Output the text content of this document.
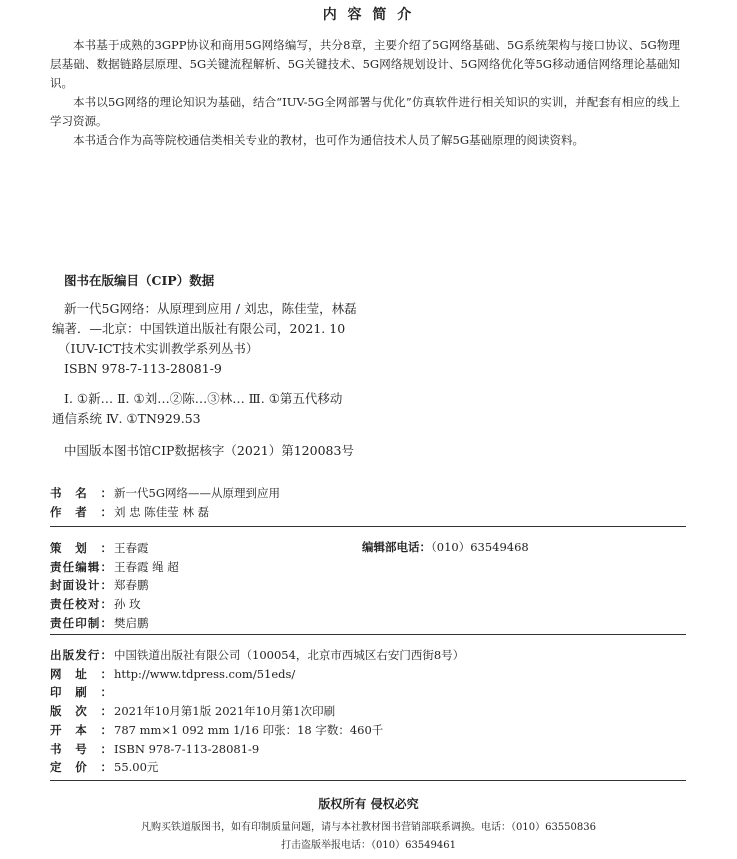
内 容 简 介

本书基于成熟的3GPP协议和商用5G网络编写，共分8章，主要介绍了5G网络基础、5G系统架构与接口协议、5G物理层基础、数据链路层原理、5G关键流程解析、5G关键技术、5G网络规划设计、5G网络优化等5G移动通信网络理论基础知识。

本书以5G网络的理论知识为基础，结合“IUV-5G全网部署与优化”仿真软件进行相关知识的实训，并配套有相应的线上学习资源。

本书适合作为高等院校通信类相关专业的教材，也可作为通信技术人员了解5G基础原理的阅读资料。

图书在版编目（CIP）数据
新一代5G网络：从原理到应用 / 刘忠，陈佳莹，林磊
编著．—北京：中国铁道出版社有限公司，2021. 10
（IUV-ICT技术实训教学系列丛书）
ISBN 978-7-113-28081-9
Ⅰ. ①新… Ⅱ. ①刘…②陈…③林… Ⅲ. ①第五代移动
通信系统 Ⅳ. ①TN929.53
中国版本图书馆CIP数据核字（2021）第120083号
书名： 新一代5G网络——从原理到应用
作者： 刘 忠 陈佳莹 林 磊
策划： 王春霞
责任编辑： 王春霞 绳 超
封面设计： 郑春鹏
责任校对： 孙 玫
责任印制： 樊启鹏
编辑部电话：（010）63549468
出版发行： 中国铁道出版社有限公司（100054，北京市西城区右安门西街8号）
网址： http://www.tdpress.com/51eds/
印刷：
版次： 2021年10月第1版 2021年10月第1次印刷
开本： 787 mm×1 092 mm 1/16 印张：18 字数：460千
书号： ISBN 978-7-113-28081-9
定价： 55.00元
版权所有 侵权必究
凡购买铁道版图书，如有印制质量问题，请与本社教材图书营销部联系调换。电话：（010）63550836
打击盗版举报电话：（010）63549461
